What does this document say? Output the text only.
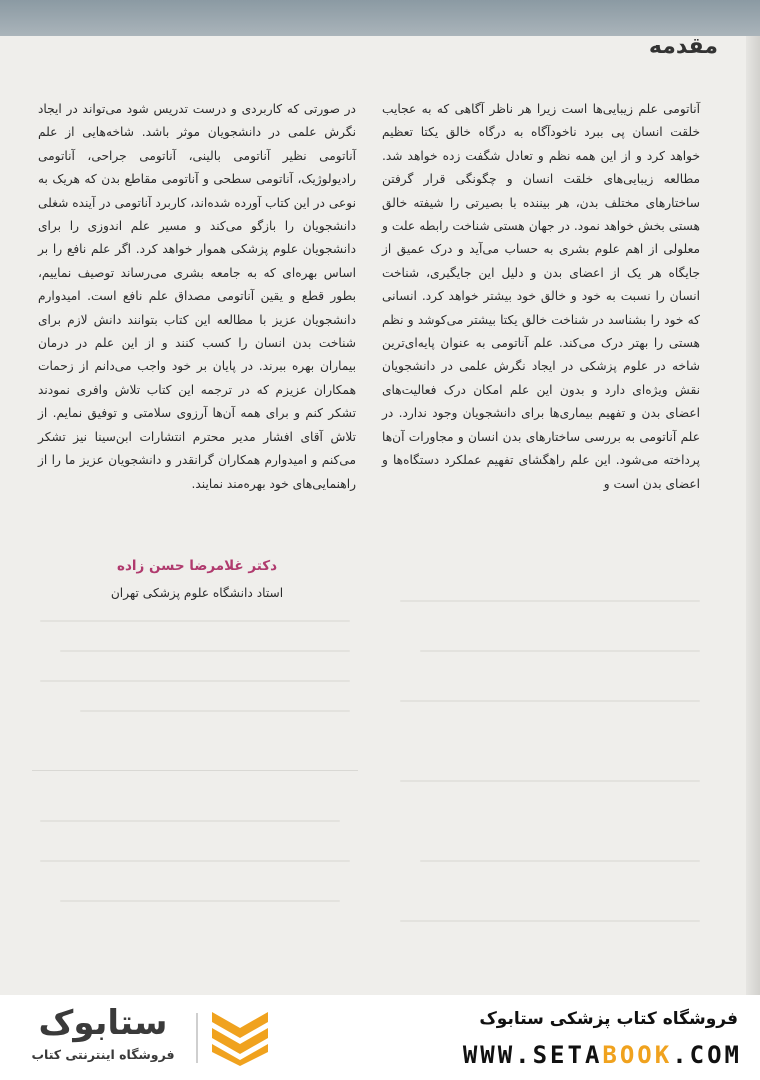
مقدمه

آناتومی علم زیبایی‌ها است زیرا هر ناظر آگاهی که به عجایب خلقت انسان پی ببرد ناخودآگاه به درگاه خالق یکتا تعظیم خواهد کرد و از این همه نظم و تعادل شگفت زده خواهد شد. مطالعه زیبایی‌های خلقت انسان و چگونگی قرار گرفتن ساختارهای مختلف بدن، هر بیننده با بصیرتی را شیفته خالق هستی بخش خواهد نمود. در جهان هستی شناخت رابطه علت و معلولی از اهم علوم بشری به حساب می‌آید و درک عمیق از جایگاه هر یک از اعضای بدن و دلیل این جایگیری، شناخت انسان را نسبت به خود و خالق خود بیشتر خواهد کرد. انسانی که خود را بشناسد در شناخت خالق یکتا بیشتر می‌کوشد و نظم هستی را بهتر درک می‌کند. علم آناتومی به عنوان پایه‌ای‌ترین شاخه در علوم پزشکی در ایجاد نگرش علمی در دانشجویان نقش ویژه‌ای دارد و بدون این علم امکان درک فعالیت‌های اعضای بدن و تفهیم بیماری‌ها برای دانشجویان وجود ندارد. در علم آناتومی به بررسی ساختارهای بدن انسان و مجاورات آن‌ها پرداخته می‌شود. این علم راهگشای تفهیم عملکرد دستگاه‌ها و اعضای بدن است و

در صورتی که کاربردی و درست تدریس شود می‌تواند در ایجاد نگرش علمی در دانشجویان موثر باشد. شاخه‌هایی از علم آناتومی نظیر آناتومی بالینی، آناتومی جراحی، آناتومی رادیولوژیک، آناتومی سطحی و آناتومی مقاطع بدن که هریک به نوعی در این کتاب آورده شده‌اند، کاربرد آناتومی در آینده شغلی دانشجویان را بازگو می‌کند و مسیر علم اندوزی را برای دانشجویان علوم پزشکی هموار خواهد کرد. اگر علم نافع را بر اساس بهره‌ای که به جامعه بشری می‌رساند توصیف نماییم، بطور قطع و یقین آناتومی مصداق علم نافع است. امیدوارم دانشجویان عزیز با مطالعه این کتاب بتوانند دانش لازم برای شناخت بدن انسان را کسب کنند و از این علم در درمان بیماران بهره ببرند. در پایان بر خود واجب می‌دانم از زحمات همکاران عزیزم که در ترجمه این کتاب تلاش وافری نمودند تشکر کنم و برای همه آن‌ها آرزوی سلامتی و توفیق نمایم. از تلاش آقای افشار مدیر محترم انتشارات ابن‌سینا نیز تشکر می‌کنم و امیدوارم همکاران گرانقدر و دانشجویان عزیز ما را از راهنمایی‌های خود بهره‌مند نمایند.

دکتر غلامرضا حسن زاده

استاد دانشگاه علوم پزشکی تهران

فروشگاه کتاب پزشکی ستابوک

WWW.SETABOOK.COM

ستابوک

فروشگاه اینترنتی کتاب
